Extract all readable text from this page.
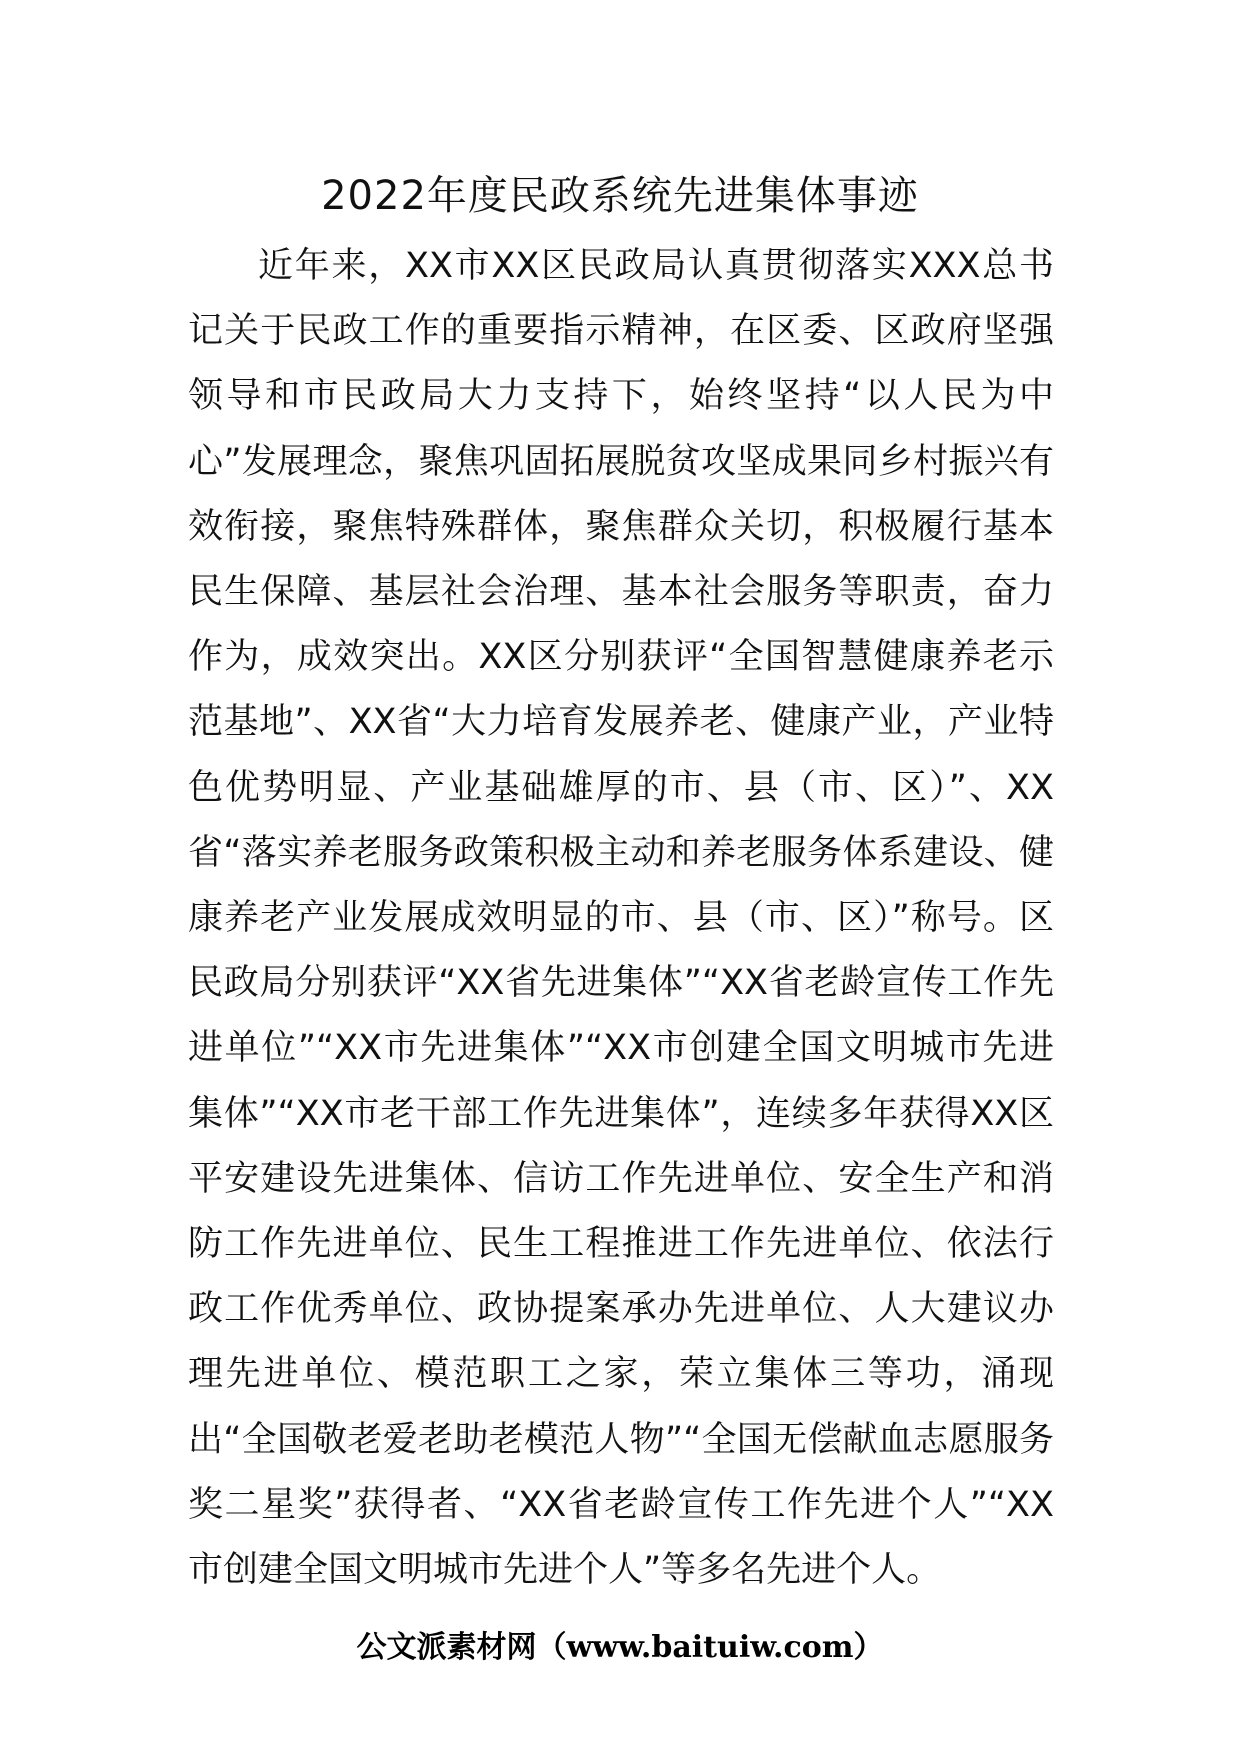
2022年度民政系统先进集体事迹

近年来，XX市XX区民政局认真贯彻落实XXX总书记关于民政工作的重要指示精神，在区委、区政府坚强领导和市民政局大力支持下，始终坚持“以人民为中心”发展理念，聚焦巩固拓展脱贫攻坚成果同乡村振兴有效衔接，聚焦特殊群体，聚焦群众关切，积极履行基本民生保障、基层社会治理、基本社会服务等职责，奋力作为，成效突出。XX区分别获评“全国智慧健康养老示范基地”、XX省“大力培育发展养老、健康产业，产业特色优势明显、产业基础雄厚的市、县（市、区）”、XX省“落实养老服务政策积极主动和养老服务体系建设、健康养老产业发展成效明显的市、县（市、区）”称号。区民政局分别获评“XX省先进集体”“XX省老龄宣传工作先进单位”“XX市先进集体”“XX市创建全国文明城市先进集体”“XX市老干部工作先进集体”，连续多年获得XX区平安建设先进集体、信访工作先进单位、安全生产和消防工作先进单位、民生工程推进工作先进单位、依法行政工作优秀单位、政协提案承办先进单位、人大建议办理先进单位、模范职工之家，荣立集体三等功，涌现出“全国敬老爱老助老模范人物”“全国无偿献血志愿服务奖二星奖”获得者、“XX省老龄宣传工作先进个人”“XX市创建全国文明城市先进个人”等多名先进个人。

公文派素材网（www.baituiw.com）
